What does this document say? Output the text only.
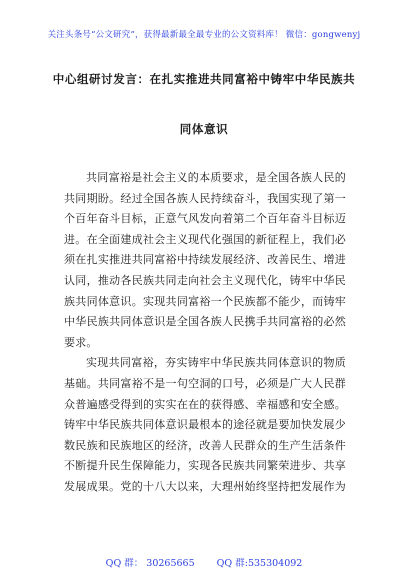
关注头条号“公文研究”，获得最新最全最专业的公文资料库！ 微信：gongwenyj
中心组研讨发言：在扎实推进共同富裕中铸牢中华民族共
同体意识
共同富裕是社会主义的本质要求，是全国各族人民的
共同期盼。经过全国各族人民持续奋斗，我国实现了第一
个百年奋斗目标，正意气风发向着第二个百年奋斗目标迈
进。在全面建成社会主义现代化强国的新征程上，我们必
须在扎实推进共同富裕中持续发展经济、改善民生、增进
认同，推动各民族共同走向社会主义现代化，铸牢中华民
族共同体意识。实现共同富裕一个民族都不能少，而铸牢
中华民族共同体意识是全国各族人民携手共同富裕的必然
要求。
实现共同富裕，夯实铸牢中华民族共同体意识的物质
基础。共同富裕不是一句空洞的口号，必须是广大人民群
众普遍感受得到的实实在在的获得感、幸福感和安全感。
铸牢中华民族共同体意识最根本的途径就是要加快发展少
数民族和民族地区的经济，改善人民群众的生产生活条件
不断提升民生保障能力，实现各民族共同繁荣进步、共享
发展成果。党的十八大以来，大理州始终坚持把发展作为
QQ 群： 30265665 QQ 群:535304092
